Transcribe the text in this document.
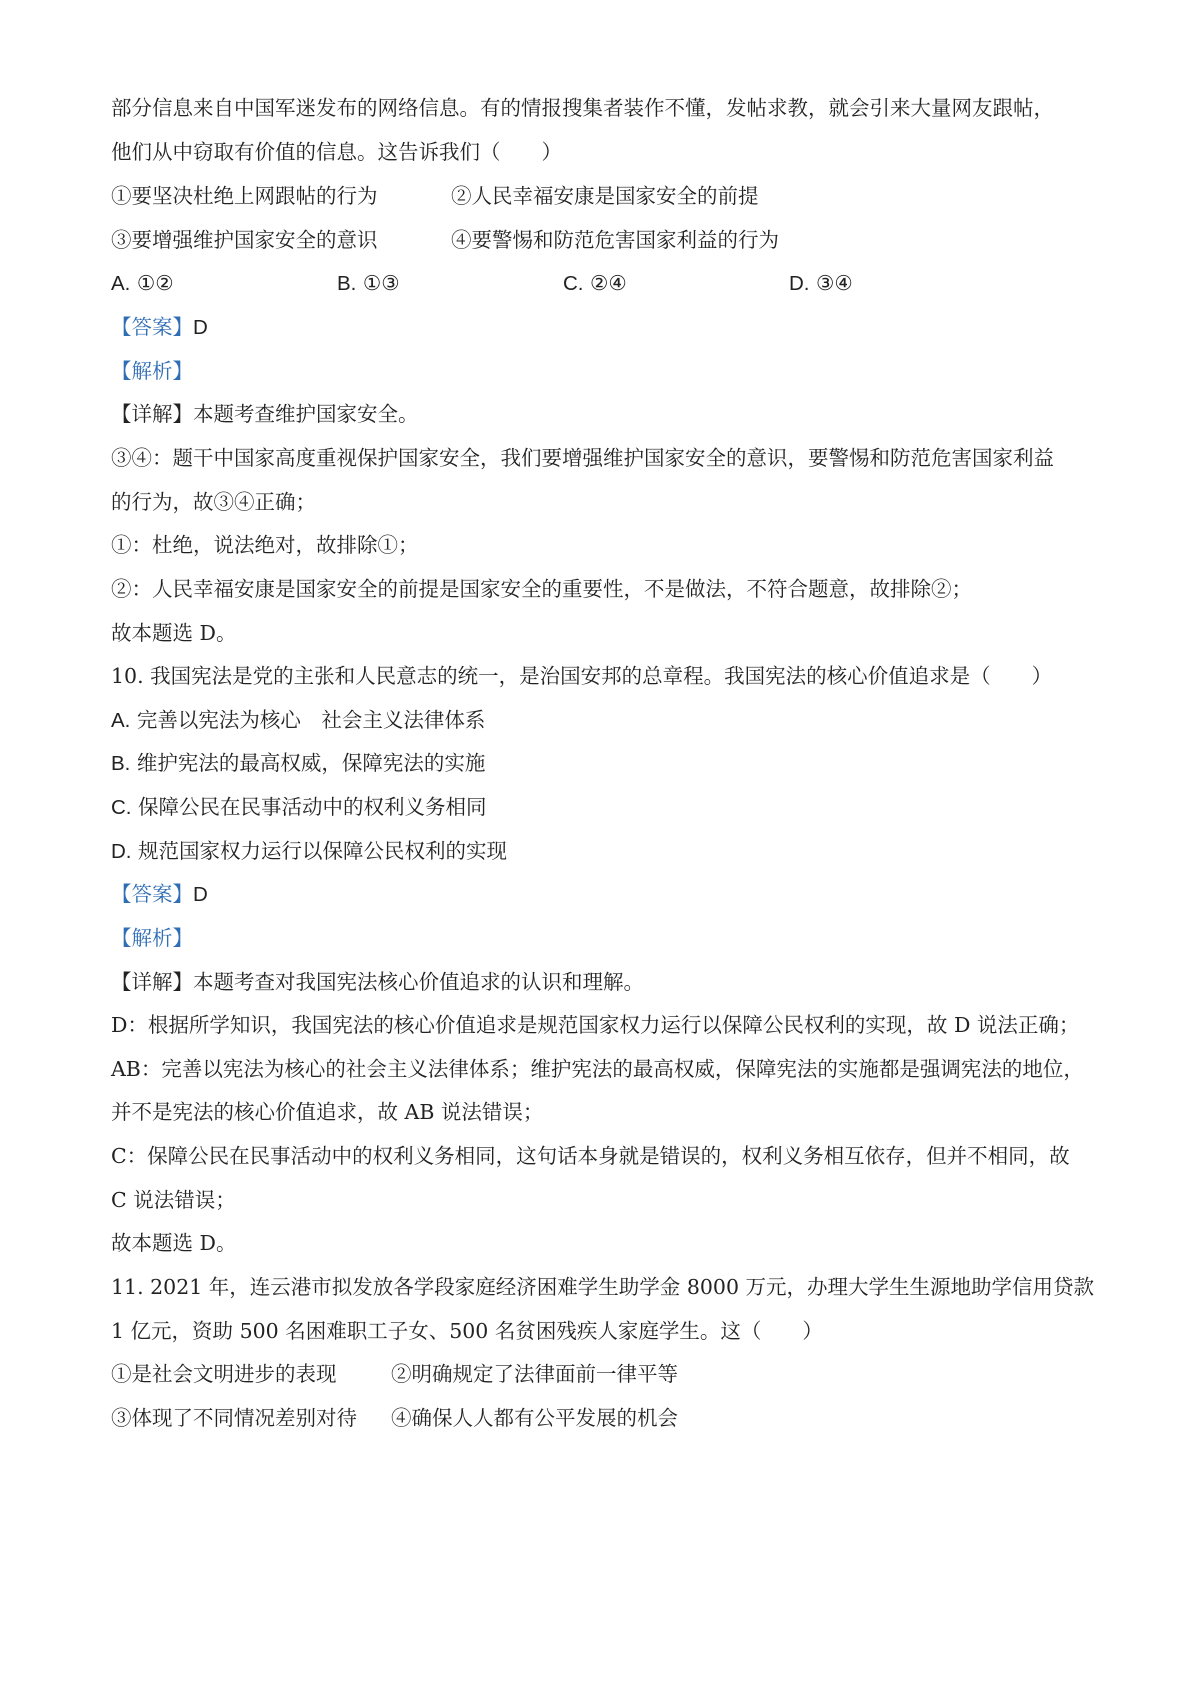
部分信息来自中国军迷发布的网络信息。有的情报搜集者装作不懂，发帖求教，就会引来大量网友跟帖，
他们从中窃取有价值的信息。这告诉我们（　　）
①要坚决杜绝上网跟帖的行为	②人民幸福安康是国家安全的前提
③要增强维护国家安全的意识	④要警惕和防范危害国家利益的行为
A. ①②	B. ①③	C. ②④	D. ③④
【答案】D
【解析】
【详解】本题考查维护国家安全。
③④：题干中国家高度重视保护国家安全，我们要增强维护国家安全的意识，要警惕和防范危害国家利益
的行为，故③④正确；
①：杜绝，说法绝对，故排除①；
②：人民幸福安康是国家安全的前提是国家安全的重要性，不是做法，不符合题意，故排除②；
故本题选 D。
10. 我国宪法是党的主张和人民意志的统一，是治国安邦的总章程。我国宪法的核心价值追求是（　　）
A. 完善以宪法为核心　社会主义法律体系
B. 维护宪法的最高权威，保障宪法的实施
C. 保障公民在民事活动中的权利义务相同
D. 规范国家权力运行以保障公民权利的实现
【答案】D
【解析】
【详解】本题考查对我国宪法核心价值追求的认识和理解。
D：根据所学知识，我国宪法的核心价值追求是规范国家权力运行以保障公民权利的实现，故 D 说法正确；
AB：完善以宪法为核心的社会主义法律体系；维护宪法的最高权威，保障宪法的实施都是强调宪法的地位，
并不是宪法的核心价值追求，故 AB 说法错误；
C：保障公民在民事活动中的权利义务相同，这句话本身就是错误的，权利义务相互依存，但并不相同，故
C 说法错误；
故本题选 D。
11. 2021 年，连云港市拟发放各学段家庭经济困难学生助学金 8000 万元，办理大学生生源地助学信用贷款
1 亿元，资助 500 名困难职工子女、500 名贫困残疾人家庭学生。这（　　）
①是社会文明进步的表现	②明确规定了法律面前一律平等
③体现了不同情况差别对待 ④确保人人都有公平发展的机会
